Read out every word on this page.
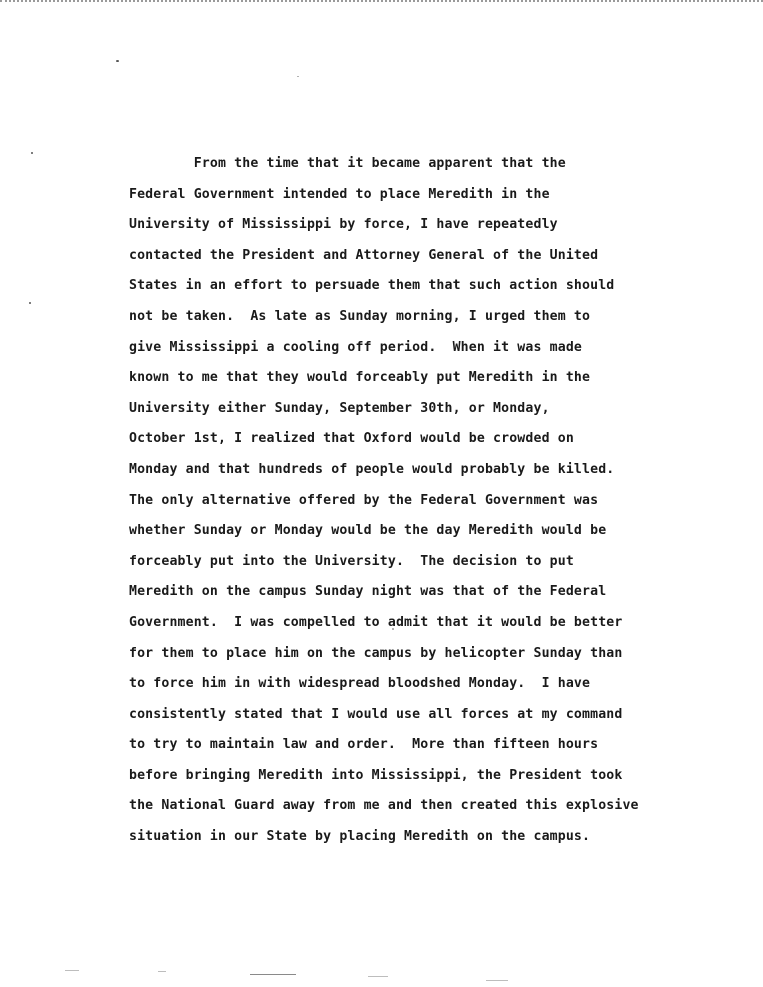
From the time that it became apparent that the
Federal Government intended to place Meredith in the
University of Mississippi by force, I have repeatedly
contacted the President and Attorney General of the United
States in an effort to persuade them that such action should
not be taken.  As late as Sunday morning, I urged them to
give Mississippi a cooling off period.  When it was made
known to me that they would forceably put Meredith in the
University either Sunday, September 30th, or Monday,
October 1st, I realized that Oxford would be crowded on
Monday and that hundreds of people would probably be killed.
The only alternative offered by the Federal Government was
whether Sunday or Monday would be the day Meredith would be
forceably put into the University.  The decision to put
Meredith on the campus Sunday night was that of the Federal
Government.  I was compelled to admit that it would be better
for them to place him on the campus by helicopter Sunday than
to force him in with widespread bloodshed Monday.  I have
consistently stated that I would use all forces at my command
to try to maintain law and order.  More than fifteen hours
before bringing Meredith into Mississippi, the President took
the National Guard away from me and then created this explosive
situation in our State by placing Meredith on the campus.
